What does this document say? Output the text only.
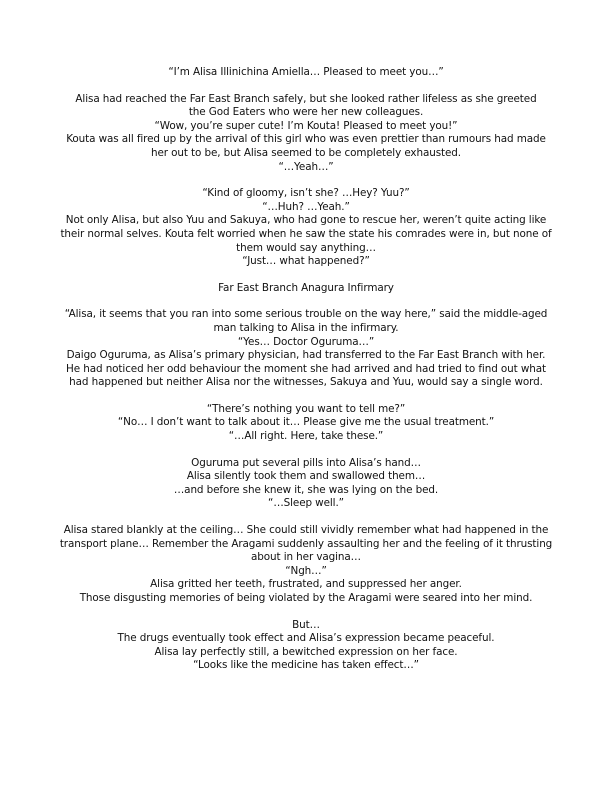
“I’m Alisa Illinichina Amiella… Pleased to meet you…”

Alisa had reached the Far East Branch safely, but she looked rather lifeless as she greeted
the God Eaters who were her new colleagues.
“Wow, you’re super cute! I’m Kouta! Pleased to meet you!”
Kouta was all fired up by the arrival of this girl who was even prettier than rumours had made
her out to be, but Alisa seemed to be completely exhausted.
“…Yeah…”

“Kind of gloomy, isn’t she? …Hey? Yuu?”
“…Huh? …Yeah.”
Not only Alisa, but also Yuu and Sakuya, who had gone to rescue her, weren’t quite acting like
their normal selves. Kouta felt worried when he saw the state his comrades were in, but none of
them would say anything…
“Just… what happened?”

Far East Branch Anagura Infirmary

“Alisa, it seems that you ran into some serious trouble on the way here,” said the middle-aged
man talking to Alisa in the infirmary.
“Yes… Doctor Oguruma…”
Daigo Oguruma, as Alisa’s primary physician, had transferred to the Far East Branch with her.
He had noticed her odd behaviour the moment she had arrived and had tried to find out what
had happened but neither Alisa nor the witnesses, Sakuya and Yuu, would say a single word.

“There’s nothing you want to tell me?”
“No… I don’t want to talk about it… Please give me the usual treatment.”
“…All right. Here, take these.”

Oguruma put several pills into Alisa’s hand…
Alisa silently took them and swallowed them…
…and before she knew it, she was lying on the bed.
“…Sleep well.”

Alisa stared blankly at the ceiling… She could still vividly remember what had happened in the
transport plane… Remember the Aragami suddenly assaulting her and the feeling of it thrusting
about in her vagina…
“Ngh…”
Alisa gritted her teeth, frustrated, and suppressed her anger.
Those disgusting memories of being violated by the Aragami were seared into her mind.

But…
The drugs eventually took effect and Alisa’s expression became peaceful.
Alisa lay perfectly still, a bewitched expression on her face.
“Looks like the medicine has taken effect…”
